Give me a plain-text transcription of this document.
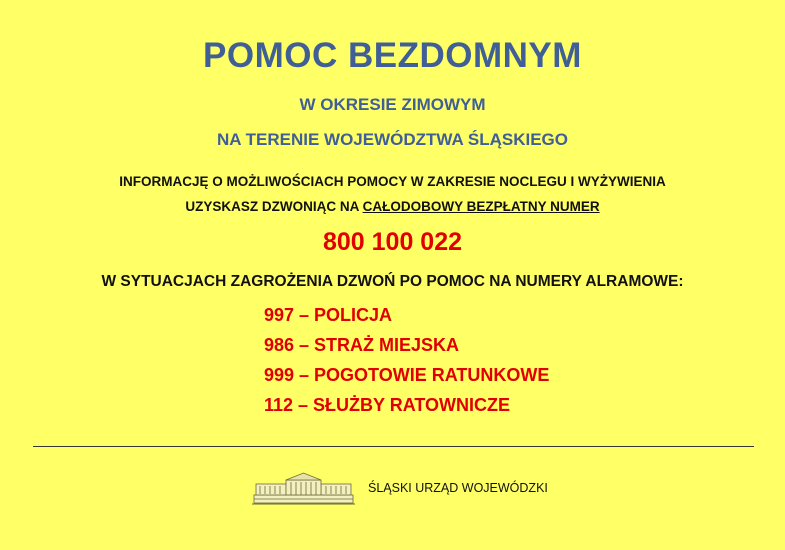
POMOC BEZDOMNYM
W OKRESIE ZIMOWYM
NA TERENIE WOJEWÓDZTWA ŚLĄSKIEGO
INFORMACJĘ O MOŻLIWOŚCIACH POMOCY W ZAKRESIE NOCLEGU I WYŻYWIENIA
UZYSKASZ DZWONIĄC NA CAŁODOBOWY BEZPŁATNY NUMER
800 100 022
W SYTUACJACH ZAGROŻENIA DZWOŃ PO POMOC NA NUMERY ALRAMOWE:
997 – POLICJA
986 – STRAŻ MIEJSKA
999 – POGOTOWIE RATUNKOWE
112 – SŁUŻBY RATOWNICZE
ŚLĄSKI URZĄD WOJEWÓDZKI
